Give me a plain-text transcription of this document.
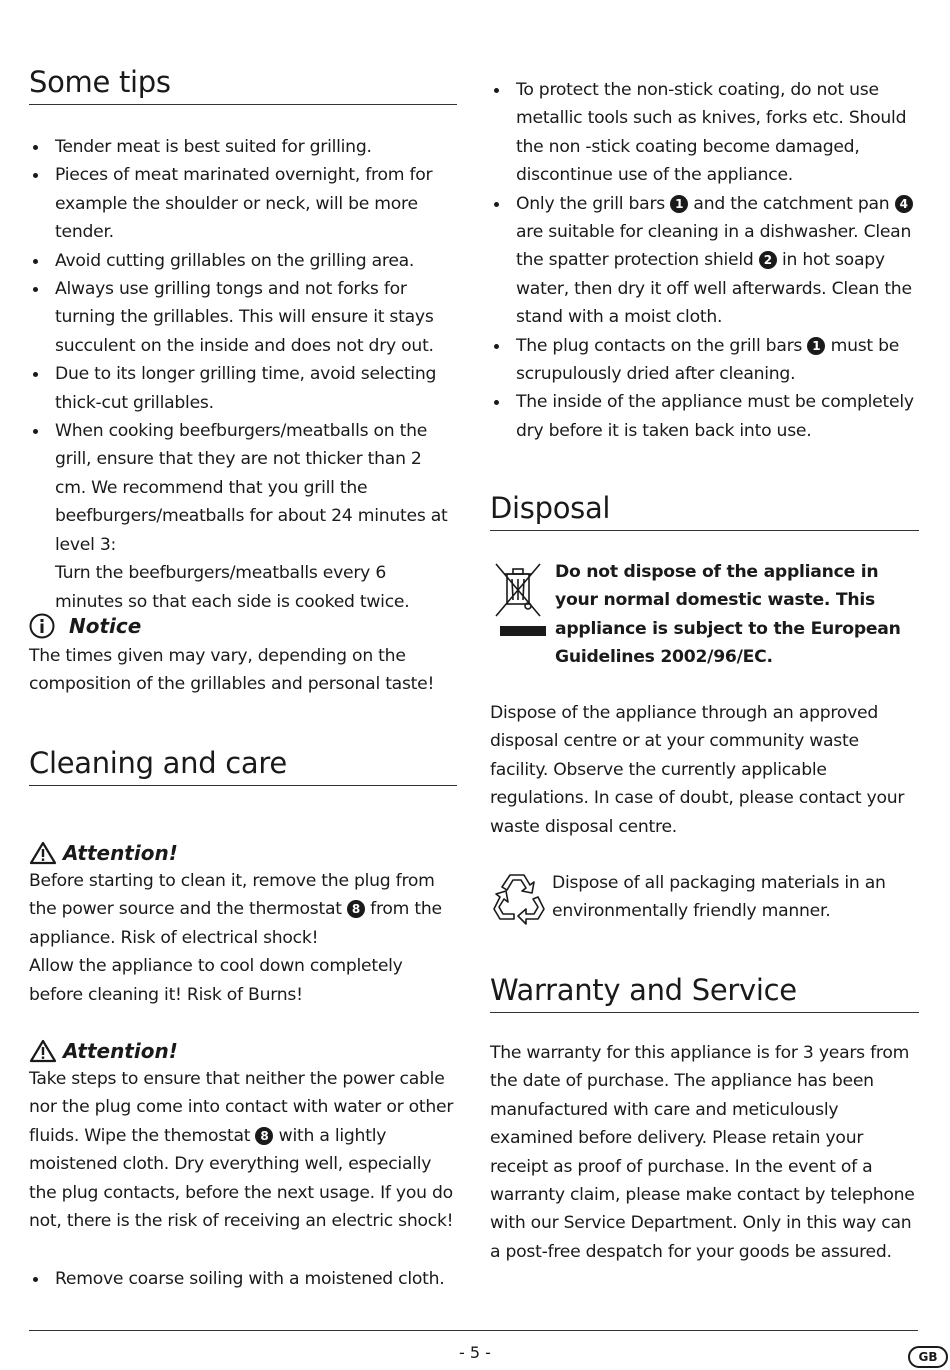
Some tips
Tender meat is best suited for grilling.
Pieces of meat marinated overnight, from for example the shoulder or neck, will be more tender.
Avoid cutting grillables on the grilling area.
Always use grilling tongs and not forks for turning the grillables. This will ensure it stays succulent on the inside and does not dry out.
Due to its longer grilling time, avoid selecting thick-cut grillables.
When cooking beefburgers/meatballs on the grill, ensure that they are not thicker than 2 cm. We recommend that you grill the beefburgers/meatballs for about 24 minutes at level 3:
Turn the beefburgers/meatballs every 6 minutes so that each side is cooked twice.
Notice

The times given may vary, depending on the composition of the grillables and personal taste!

Cleaning and care
Attention!

Before starting to clean it, remove the plug from the power source and the thermostat 8 from the appliance. Risk of electrical shock!

Allow the appliance to cool down completely before cleaning it! Risk of Burns!

Attention!

Take steps to ensure that neither the power cable nor the plug come into contact with water or other fluids. Wipe the themostat 8 with a lightly moistened cloth. Dry everything well, especially the plug contacts, before the next usage. If you do not, there is the risk of receiving an electric shock!

Remove coarse soiling with a moistened cloth.
To protect the non-stick coating, do not use metallic tools such as knives, forks etc. Should the non -stick coating become damaged, discontinue use of the appliance.
Only the grill bars 1 and the catchment pan 4 are suitable for cleaning in a dishwasher. Clean the spatter protection shield 2 in hot soapy water, then dry it off well afterwards. Clean the stand with a moist cloth.
The plug contacts on the grill bars 1 must be scrupulously dried after cleaning.
The inside of the appliance must be completely dry before it is taken back into use.
Disposal

Do not dispose of the appliance in your normal domestic waste. This appliance is subject to the European Guidelines 2002/96/EC.

Dispose of the appliance through an approved disposal centre or at your community waste facility. Observe the currently applicable regulations. In case of doubt, please contact your waste disposal centre.

Dispose of all packaging materials in an environmentally friendly manner.

Warranty and Service

The warranty for this appliance is for 3 years from the date of purchase. The appliance has been manufactured with care and meticulously examined before delivery. Please retain your receipt as proof of purchase. In the event of a warranty claim, please make contact by telephone with our Service Department. Only in this way can a post-free despatch for your goods be assured.

- 5 -	GB
